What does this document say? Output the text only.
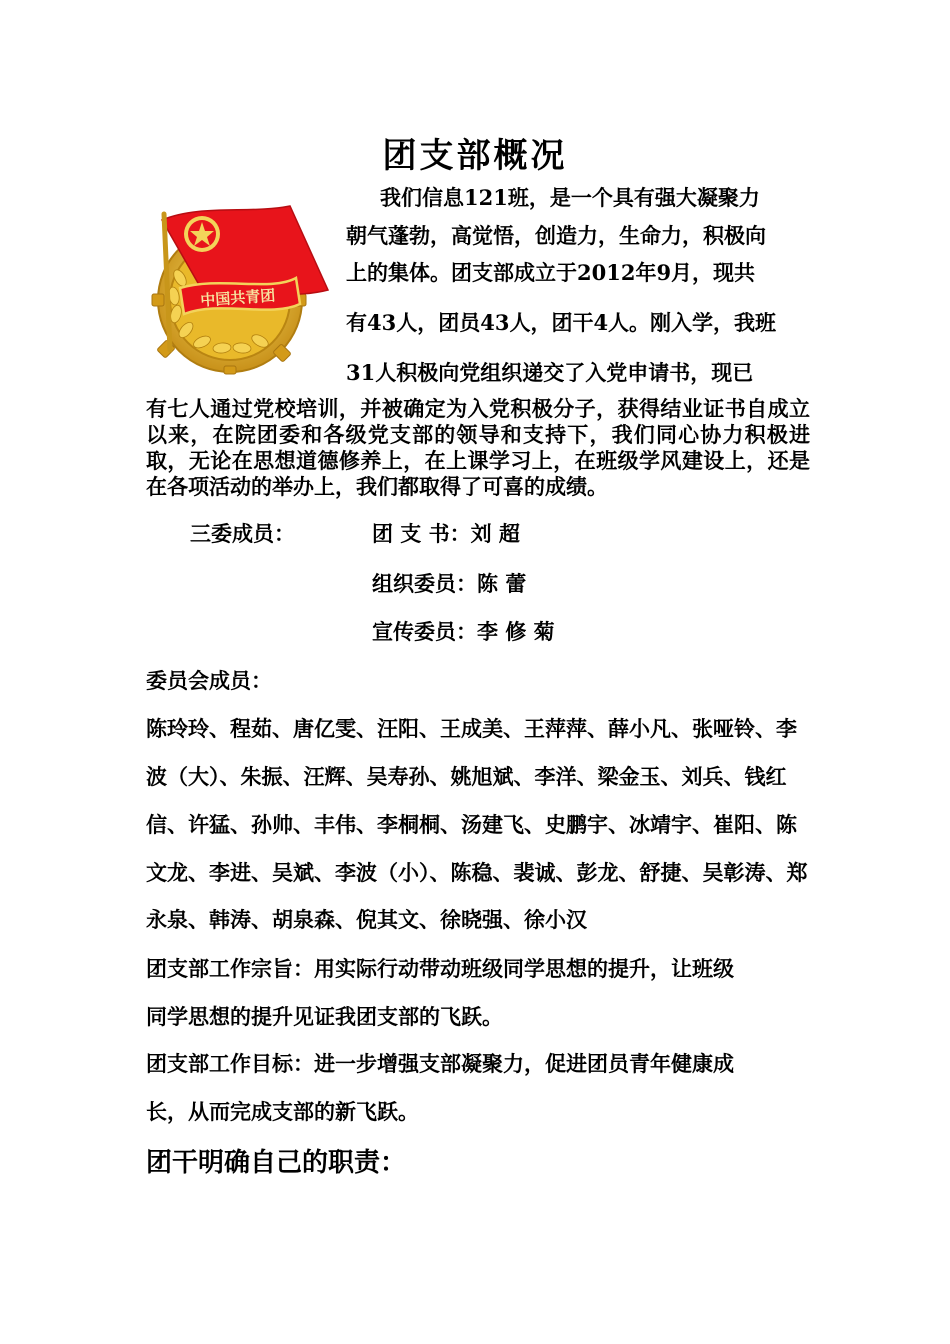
团支部概况
中国共青团
我们信息121班，是一个具有强大凝聚力
朝气蓬勃，高觉悟，创造力，生命力，积极向
上的集体。团支部成立于2012年9月，现共
有43人，团员43人，团干4人。刚入学，我班
31人积极向党组织递交了入党申请书，现已
有七人通过党校培训，并被确定为入党积极分子，获得结业证书自成立以来，在院团委和各级党支部的领导和支持下，我们同心协力积极进取，无论在思想道德修养上，在上课学习上，在班级学风建设上，还是在各项活动的举办上，我们都取得了可喜的成绩。
三委成员：	团 支 书：刘 超
组织委员：陈 蕾
宣传委员：李 修 菊
委员会成员：
陈玲玲、程茹、唐亿雯、汪阳、王成美、王萍萍、薛小凡、张哑铃、李
波（大）、朱振、汪辉、吴寿孙、姚旭斌、李洋、梁金玉、刘兵、钱红
信、许猛、孙帅、丰伟、李桐桐、汤建飞、史鹏宇、冰靖宇、崔阳、陈
文龙、李进、吴斌、李波（小）、陈稳、裴诚、彭龙、舒捷、吴彰涛、郑
永泉、韩涛、胡泉森、倪其文、徐晓强、徐小汉
团支部工作宗旨：用实际行动带动班级同学思想的提升，让班级
同学思想的提升见证我团支部的飞跃。
团支部工作目标：进一步增强支部凝聚力，促进团员青年健康成
长，从而完成支部的新飞跃。
团干明确自己的职责：
